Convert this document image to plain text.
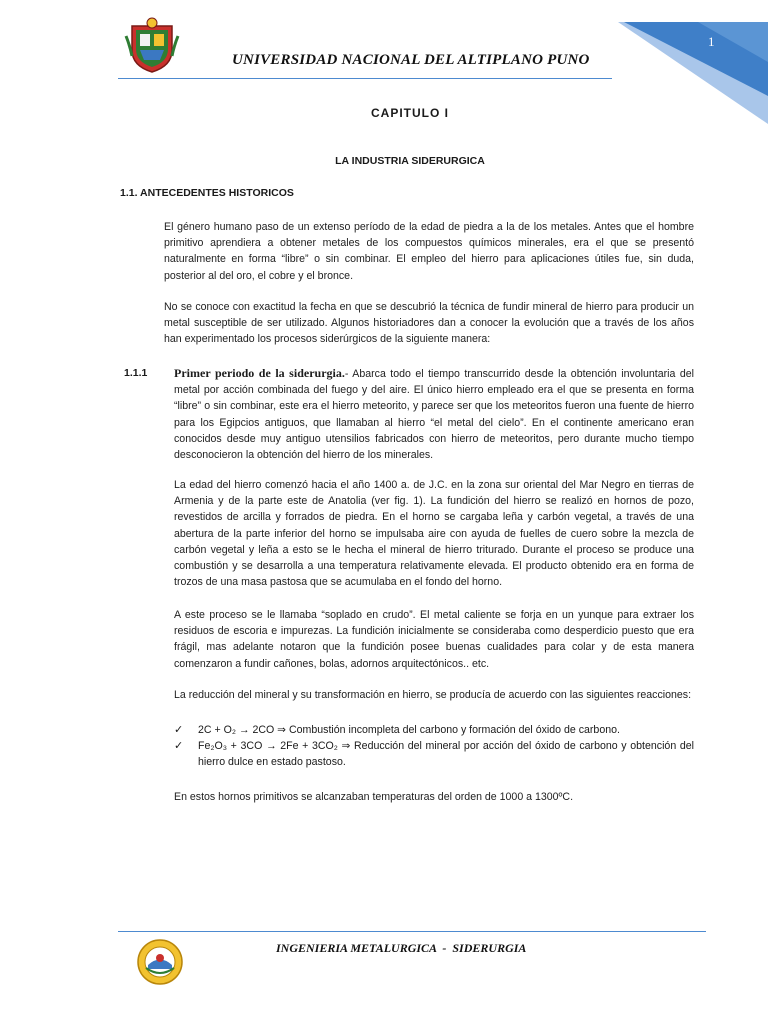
1
UNIVERSIDAD NACIONAL DEL ALTIPLANO PUNO
CAPITULO I
LA INDUSTRIA SIDERURGICA
1.1. ANTECEDENTES HISTORICOS

El género humano paso de un extenso período de la edad de piedra a la de los metales. Antes que el hombre primitivo aprendiera a obtener metales de los compuestos químicos minerales, era el que se presentó naturalmente en forma “libre” o sin combinar. El empleo del hierro para aplicaciones útiles fue, sin duda, posterior al del oro, el cobre y el bronce.

No se conoce con exactitud la fecha en que se descubrió la técnica de fundir mineral de hierro para producir un metal susceptible de ser utilizado. Algunos historiadores dan a conocer la evolución que a través de los años han experimentado los procesos siderúrgicos de la siguiente manera:

1.1.1 Primer periodo de la siderurgia.- Abarca todo el tiempo transcurrido desde la obtención involuntaria del metal por acción combinada del fuego y del aire. El único hierro empleado era el que se presenta en forma “libre” o sin combinar, este era el hierro meteorito, y parece ser que los meteoritos fueron una fuente de hierro para los Egipcios antiguos, que llamaban al hierro “el metal del cielo”. En el continente americano eran conocidos desde muy antiguo utensilios fabricados con hierro de meteoritos, pero durante mucho tiempo desconocieron la obtención del hierro de los minerales.

La edad del hierro comenzó hacia el año 1400 a. de J.C. en la zona sur oriental del Mar Negro en tierras de Armenia y de la parte este de Anatolia (ver fig. 1). La fundición del hierro se realizó en hornos de pozo, revestidos de arcilla y forrados de piedra. En el horno se cargaba leña y carbón vegetal, a través de una abertura de la parte inferior del horno se impulsaba aire con ayuda de fuelles de cuero sobre la mezcla de carbón vegetal y leña a esto se le hecha el mineral de hierro triturado. Durante el proceso se produce una combustión y se desarrolla a una temperatura relativamente elevada. El producto obtenido era en forma de trozos de una masa pastosa que se acumulaba en el fondo del horno.

A este proceso se le llamaba “soplado en crudo”. El metal caliente se forja en un yunque para extraer los residuos de escoria e impurezas. La fundición inicialmente se consideraba como desperdicio puesto que era frágil, mas adelante notaron que la fundición posee buenas cualidades para colar y de esta manera comenzaron a fundir cañones, bolas, adornos arquitectónicos.. etc.

La reducción del mineral y su transformación en hierro, se producía de acuerdo con las siguientes reacciones:

✓ 2C + O₂ → 2CO ⇒ Combustión incompleta del carbono y formación del óxido de carbono.
✓ Fe₂O₃ + 3CO → 2Fe + 3CO₂ ⇒ Reducción del mineral por acción del óxido de carbono y obtención del hierro dulce en estado pastoso.

En estos hornos primitivos se alcanzaban temperaturas del orden de 1000 a 1300ºC.

INGENIERIA METALURGICA  -  SIDERURGIA
